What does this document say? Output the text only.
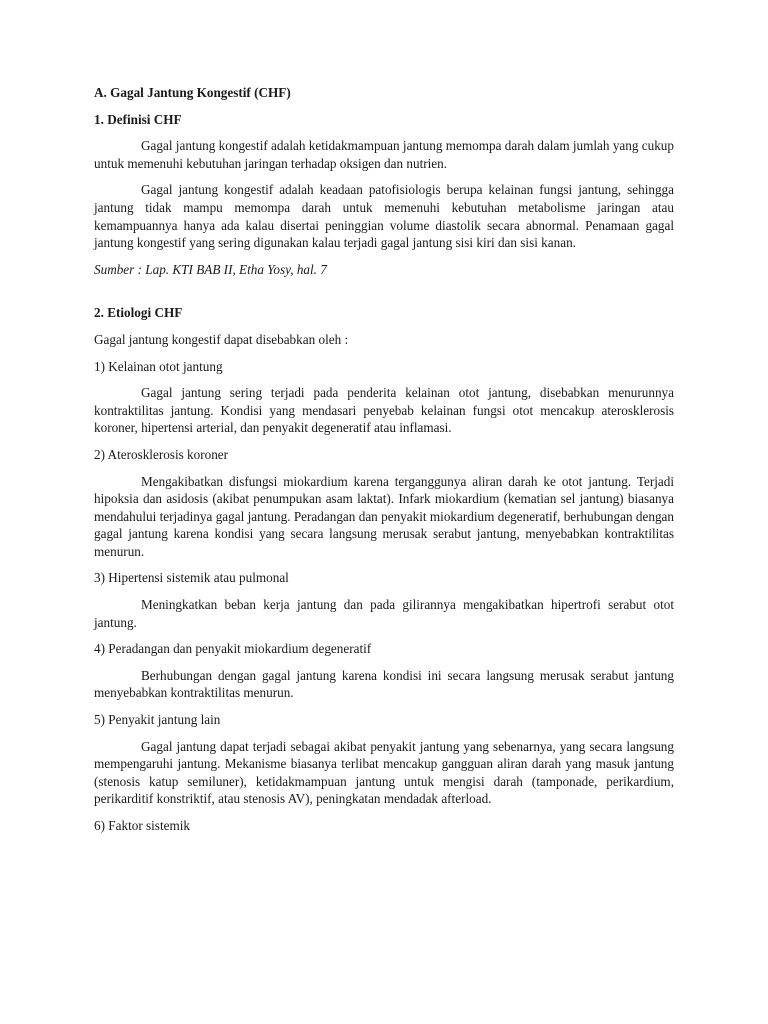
A. Gagal Jantung Kongestif (CHF)
1. Definisi CHF

Gagal jantung kongestif adalah ketidakmampuan jantung memompa darah dalam jumlah yang cukup untuk memenuhi kebutuhan jaringan terhadap oksigen dan nutrien.

Gagal jantung kongestif adalah keadaan patofisiologis berupa kelainan fungsi jantung, sehingga jantung tidak mampu memompa darah untuk memenuhi kebutuhan metabolisme jaringan atau kemampuannya hanya ada kalau disertai peninggian volume diastolik secara abnormal. Penamaan gagal jantung kongestif yang sering digunakan kalau terjadi gagal jantung sisi kiri dan sisi kanan.

Sumber : Lap. KTI BAB II, Etha Yosy, hal. 7
2. Etiologi CHF

Gagal jantung kongestif dapat disebabkan oleh :

1) Kelainan otot jantung

Gagal jantung sering terjadi pada penderita kelainan otot jantung, disebabkan menurunnya kontraktilitas jantung. Kondisi yang mendasari penyebab kelainan fungsi otot mencakup aterosklerosis koroner, hipertensi arterial, dan penyakit degeneratif atau inflamasi.

2) Aterosklerosis koroner

Mengakibatkan disfungsi miokardium karena terganggunya aliran darah ke otot jantung. Terjadi hipoksia dan asidosis (akibat penumpukan asam laktat). Infark miokardium (kematian sel jantung) biasanya mendahului terjadinya gagal jantung. Peradangan dan penyakit miokardium degeneratif, berhubungan dengan gagal jantung karena kondisi yang secara langsung merusak serabut jantung, menyebabkan kontraktilitas menurun.

3) Hipertensi sistemik atau pulmonal

Meningkatkan beban kerja jantung dan pada gilirannya mengakibatkan hipertrofi serabut otot jantung.

4) Peradangan dan penyakit miokardium degeneratif

Berhubungan dengan gagal jantung karena kondisi ini secara langsung merusak serabut jantung menyebabkan kontraktilitas menurun.

5) Penyakit jantung lain

Gagal jantung dapat terjadi sebagai akibat penyakit jantung yang sebenarnya, yang secara langsung mempengaruhi jantung. Mekanisme biasanya terlibat mencakup gangguan aliran darah yang masuk jantung (stenosis katup semiluner), ketidakmampuan jantung untuk mengisi darah (tamponade, perikardium, perikarditif konstriktif, atau stenosis AV), peningkatan mendadak afterload.

6) Faktor sistemik
